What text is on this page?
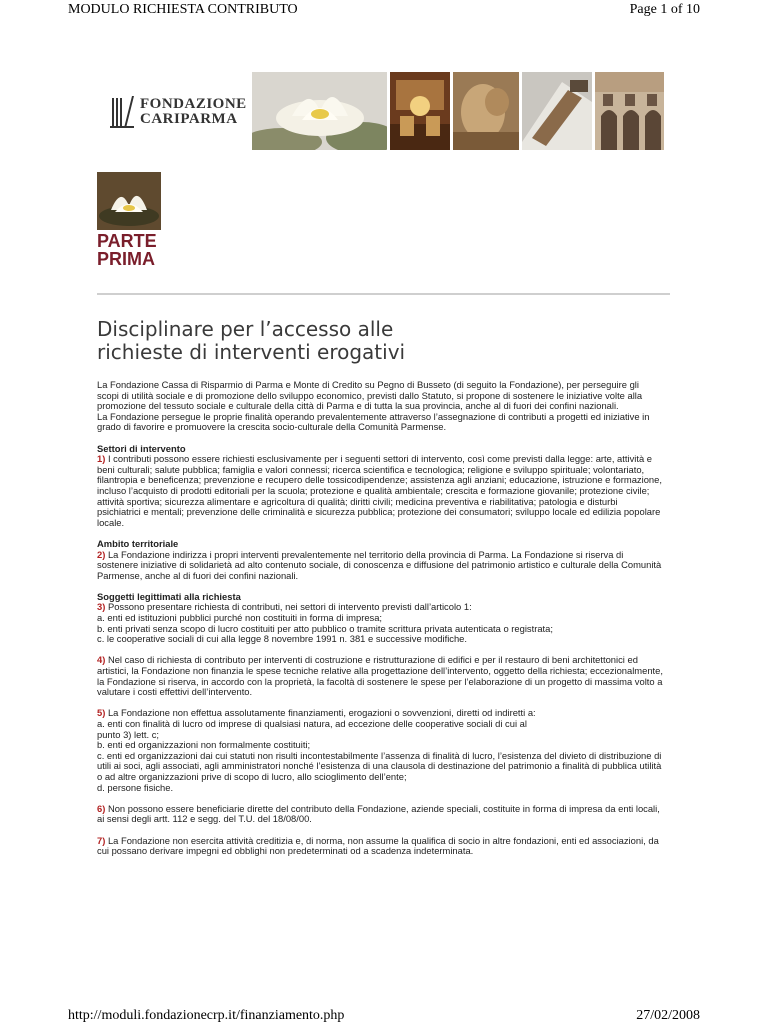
MODULO RICHIESTA CONTRIBUTO	Page 1 of 10
FONDAZIONE
CARIPARMA
PARTE
PRIMA
Disciplinare per l’accesso alle
richieste di interventi erogativi

La Fondazione Cassa di Risparmio di Parma e Monte di Credito su Pegno di Busseto (di seguito la Fondazione), per perseguire gli scopi di utilità sociale e di promozione dello sviluppo economico, previsti dallo Statuto, si propone di sostenere le iniziative volte alla promozione del tessuto sociale e culturale della città di Parma e di tutta la sua provincia, anche al di fuori dei confini nazionali.

La Fondazione persegue le proprie finalità operando prevalentemente attraverso l’assegnazione di contributi a progetti ed iniziative in grado di favorire e promuovere la crescita socio-culturale della Comunità Parmense.

Settori di intervento

1) I contributi possono essere richiesti esclusivamente per i seguenti settori di intervento, così come previsti dalla legge: arte, attività e beni culturali; salute pubblica; famiglia e valori connessi; ricerca scientifica e tecnologica; religione e sviluppo spirituale; volontariato, filantropia e beneficenza; prevenzione e recupero delle tossicodipendenze; assistenza agli anziani; educazione, istruzione e formazione, incluso l’acquisto di prodotti editoriali per la scuola; protezione e qualità ambientale; crescita e formazione giovanile; protezione civile; attività sportiva; sicurezza alimentare e agricoltura di qualità; diritti civili; medicina preventiva e riabilitativa; patologia e disturbi psichiatrici e mentali; prevenzione delle criminalità e sicurezza pubblica; protezione dei consumatori; sviluppo locale ed edilizia popolare locale.

Ambito territoriale

2) La Fondazione indirizza i propri interventi prevalentemente nel territorio della provincia di Parma. La Fondazione si riserva di sostenere iniziative di solidarietà ad alto contenuto sociale, di conoscenza e diffusione del patrimonio artistico e culturale della Comunità Parmense, anche al di fuori dei confini nazionali.

Soggetti legittimati alla richiesta

3) Possono presentare richiesta di contributi, nei settori di intervento previsti dall’articolo 1:

a. enti ed istituzioni pubblici purché non costituiti in forma di impresa;

b. enti privati senza scopo di lucro costituiti per atto pubblico o tramite scrittura privata autenticata o registrata;

c. le cooperative sociali di cui alla legge 8 novembre 1991 n. 381 e successive modifiche.

4) Nel caso di richiesta di contributo per interventi di costruzione e ristrutturazione di edifici e per il restauro di beni architettonici ed artistici, la Fondazione non finanzia le spese tecniche relative alla progettazione dell’intervento, oggetto della richiesta; eccezionalmente, la Fondazione si riserva, in accordo con la proprietà, la facoltà di sostenere le spese per l’elaborazione di un progetto di massima volto a valutare i costi effettivi dell’intervento.

5) La Fondazione non effettua assolutamente finanziamenti, erogazioni o sovvenzioni, diretti od indiretti a:

a. enti con finalità di lucro od imprese di qualsiasi natura, ad eccezione delle cooperative sociali di cui al

punto 3) lett. c;

b. enti ed organizzazioni non formalmente costituiti;

c. enti ed organizzazioni dai cui statuti non risulti incontestabilmente l’assenza di finalità di lucro, l’esistenza del divieto di distribuzione di utili ai soci, agli associati, agli amministratori nonché l’esistenza di una clausola di destinazione del patrimonio a finalità di pubblica utilità o ad altre organizzazioni prive di scopo di lucro, allo scioglimento dell’ente;

d. persone fisiche.

6) Non possono essere beneficiarie dirette del contributo della Fondazione, aziende speciali, costituite in forma di impresa da enti locali, ai sensi degli artt. 112 e segg. del T.U. del 18/08/00.

7) La Fondazione non esercita attività creditizia e, di norma, non assume la qualifica di socio in altre fondazioni, enti ed associazioni, da cui possano derivare impegni ed obblighi non predeterminati od a scadenza indeterminata.

http://moduli.fondazionecrp.it/finanziamento.php	27/02/2008
